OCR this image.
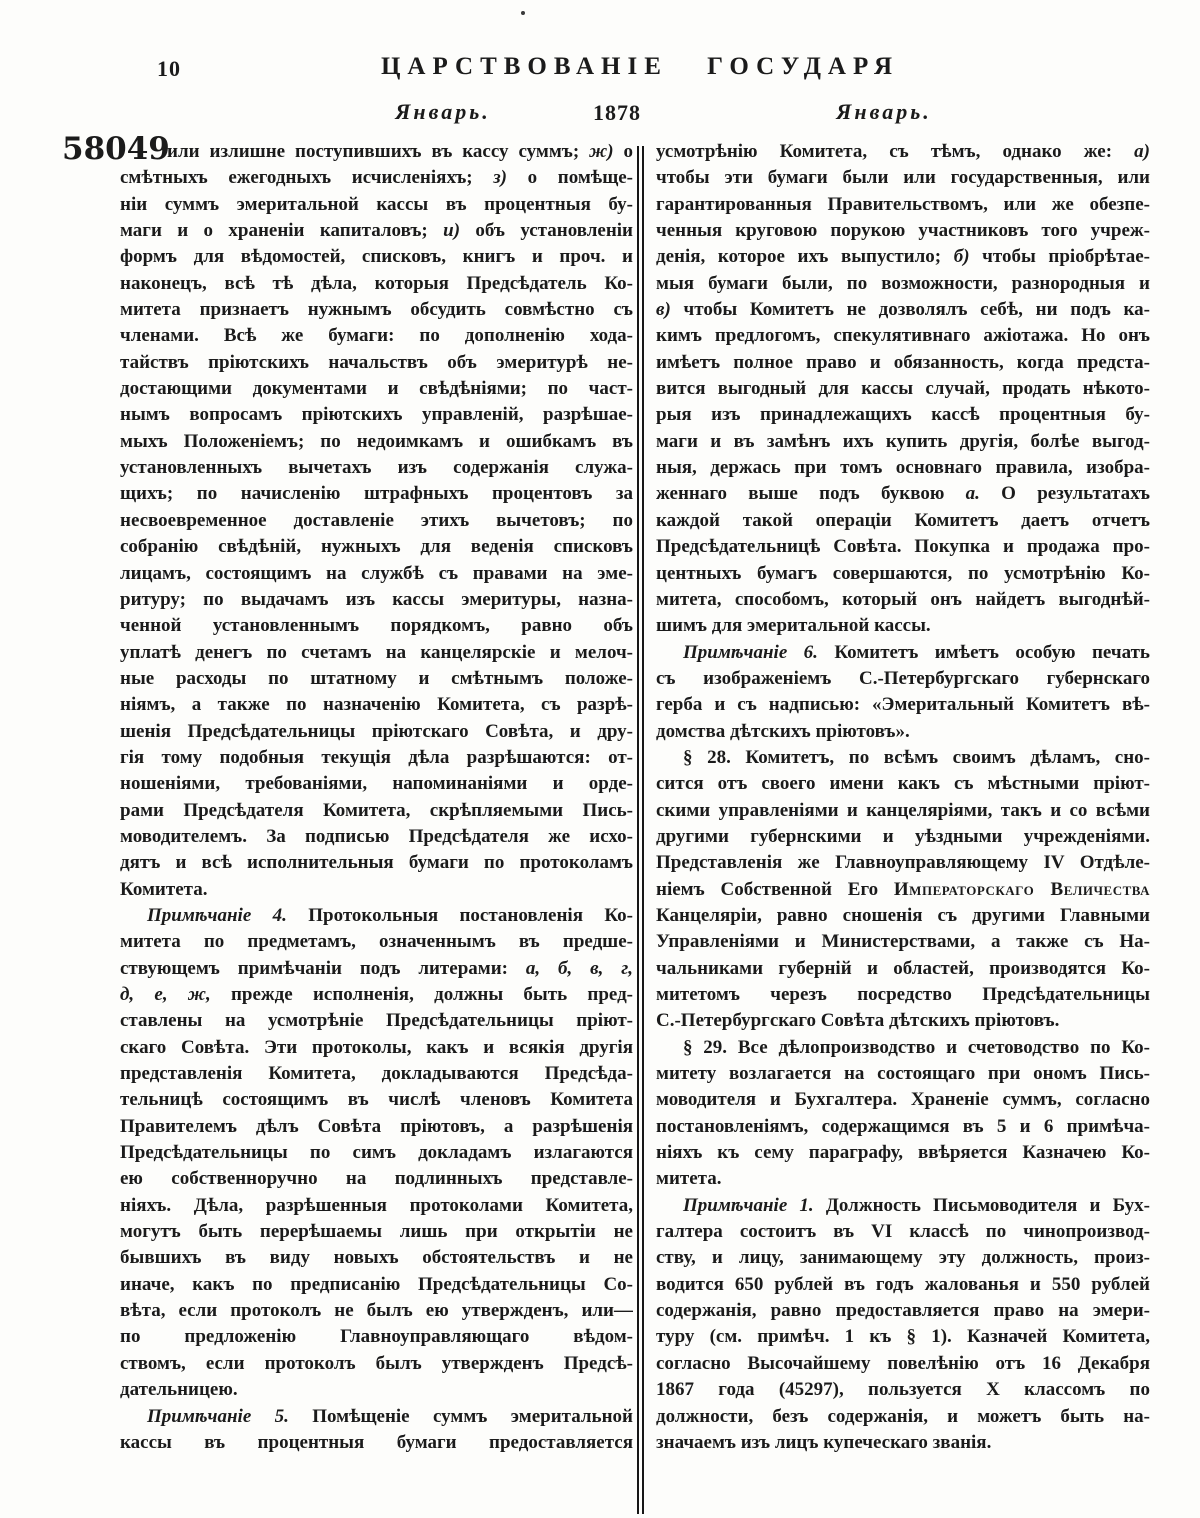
10	ЦАРСТВОВАНІЕ ГОСУДАРЯ
Январь.	1878	Январь.
58049
или излишне поступившихъ въ кассу суммъ; ж) о
смѣтныхъ ежегодныхъ исчисленіяхъ; з) о помѣще-
ніи суммъ эмеритальной кассы въ процентныя бу-
маги и о храненіи капиталовъ; и) объ установленіи
формъ для вѣдомостей, списковъ, книгъ и проч. и
наконецъ, всѣ тѣ дѣла, которыя Предсѣдатель Ко-
митета признаетъ нужнымъ обсудить совмѣстно съ
членами. Всѣ же бумаги: по дополненію хода-
тайствъ пріютскихъ начальствъ объ эмеритурѣ не-
достающими документами и свѣдѣніями; по част-
нымъ вопросамъ пріютскихъ управленій, разрѣшае-
мыхъ Положеніемъ; по недоимкамъ и ошибкамъ въ
установленныхъ вычетахъ изъ содержанія служа-
щихъ; по начисленію штрафныхъ процентовъ за
несвоевременное доставленіе этихъ вычетовъ; по
собранію свѣдѣній, нужныхъ для веденія списковъ
лицамъ, состоящимъ на службѣ съ правами на эме-
ритуру; по выдачамъ изъ кассы эмеритуры, назна-
ченной установленнымъ порядкомъ, равно объ
уплатѣ денегъ по счетамъ на канцелярскіе и мелоч-
ные расходы по штатному и смѣтнымъ положе-
ніямъ, а также по назначенію Комитета, съ разрѣ-
шенія Предсѣдательницы пріютскаго Совѣта, и дру-
гія тому подобныя текущія дѣла разрѣшаются: от-
ношеніями, требованіями, напоминаніями и орде-
рами Предсѣдателя Комитета, скрѣпляемыми Пись-
моводителемъ. За подписью Предсѣдателя же исхо-
дятъ и всѣ исполнительныя бумаги по протоколамъ
Комитета.
Примѣчаніе 4. Протокольныя постановленія Ко-
митета по предметамъ, означеннымъ въ предше-
ствующемъ примѣчаніи подъ литерами: а, б, в, г,
д, е, ж, прежде исполненія, должны быть пред-
ставлены на усмотрѣніе Предсѣдательницы пріют-
скаго Совѣта. Эти протоколы, какъ и всякія другія
представленія Комитета, докладываются Предсѣда-
тельницѣ состоящимъ въ числѣ членовъ Комитета
Правителемъ дѣлъ Совѣта пріютовъ, а разрѣшенія
Предсѣдательницы по симъ докладамъ излагаются
ею собственноручно на подлинныхъ представле-
ніяхъ. Дѣла, разрѣшенныя протоколами Комитета,
могутъ быть перерѣшаемы лишь при открытіи не
бывшихъ въ виду новыхъ обстоятельствъ и не
иначе, какъ по предписанію Предсѣдательницы Со-
вѣта, если протоколъ не былъ ею утвержденъ, или—
по предложенію Главноуправляющаго вѣдом-
ствомъ, если протоколъ былъ утвержденъ Предсѣ-
дательницею.
Примѣчаніе 5. Помѣщеніе суммъ эмеритальной
кассы въ процентныя бумаги предоставляется
усмотрѣнію Комитета, съ тѣмъ, однако же: а)
чтобы эти бумаги были или государственныя, или
гарантированныя Правительствомъ, или же обезпе-
ченныя круговою порукою участниковъ того учреж-
денія, которое ихъ выпустило; б) чтобы пріобрѣтае-
мыя бумаги были, по возможности, разнородныя и
в) чтобы Комитетъ не дозволялъ себѣ, ни подъ ка-
кимъ предлогомъ, спекулятивнаго ажіотажа. Но онъ
имѣетъ полное право и обязанность, когда предста-
вится выгодный для кассы случай, продать нѣкото-
рыя изъ принадлежащихъ кассѣ процентныя бу-
маги и въ замѣнъ ихъ купить другія, болѣе выгод-
ныя, держась при томъ основнаго правила, изобра-
женнаго выше подъ буквою а. О результатахъ
каждой такой операціи Комитетъ даетъ отчетъ
Предсѣдательницѣ Совѣта. Покупка и продажа про-
центныхъ бумагъ совершаются, по усмотрѣнію Ко-
митета, способомъ, который онъ найдетъ выгоднѣй-
шимъ для эмеритальной кассы.
Примѣчаніе 6. Комитетъ имѣетъ особую печать
съ изображеніемъ С.-Петербургскаго губернскаго
герба и съ надписью: «Эмеритальный Комитетъ вѣ-
домства дѣтскихъ пріютовъ».
§ 28. Комитетъ, по всѣмъ своимъ дѣламъ, сно-
сится отъ своего имени какъ съ мѣстными пріют-
скими управленіями и канцеляріями, такъ и со всѣми
другими губернскими и уѣздными учрежденіями.
Представленія же Главноуправляющему IV Отдѣле-
ніемъ Собственной Его Императорскаго Величества
Канцеляріи, равно сношенія съ другими Главными
Управленіями и Министерствами, а также съ На-
чальниками губерній и областей, производятся Ко-
митетомъ черезъ посредство Предсѣдательницы
С.-Петербургскаго Совѣта дѣтскихъ пріютовъ.
§ 29. Все дѣлопроизводство и счетоводство по Ко-
митету возлагается на состоящаго при ономъ Пись-
моводителя и Бухгалтера. Храненіе суммъ, согласно
постановленіямъ, содержащимся въ 5 и 6 примѣча-
ніяхъ къ сему параграфу, ввѣряется Казначею Ко-
митета.
Примѣчаніе 1. Должность Письмоводителя и Бух-
галтера состоитъ въ VI классѣ по чинопроизвод-
ству, и лицу, занимающему эту должность, произ-
водится 650 рублей въ годъ жалованья и 550 рублей
содержанія, равно предоставляется право на эмери-
туру (см. примѣч. 1 къ § 1). Казначей Комитета,
согласно Высочайшему повелѣнію отъ 16 Декабря
1867 года (45297), пользуется X классомъ по
должности, безъ содержанія, и можетъ быть на-
значаемъ изъ лицъ купеческаго званія.
